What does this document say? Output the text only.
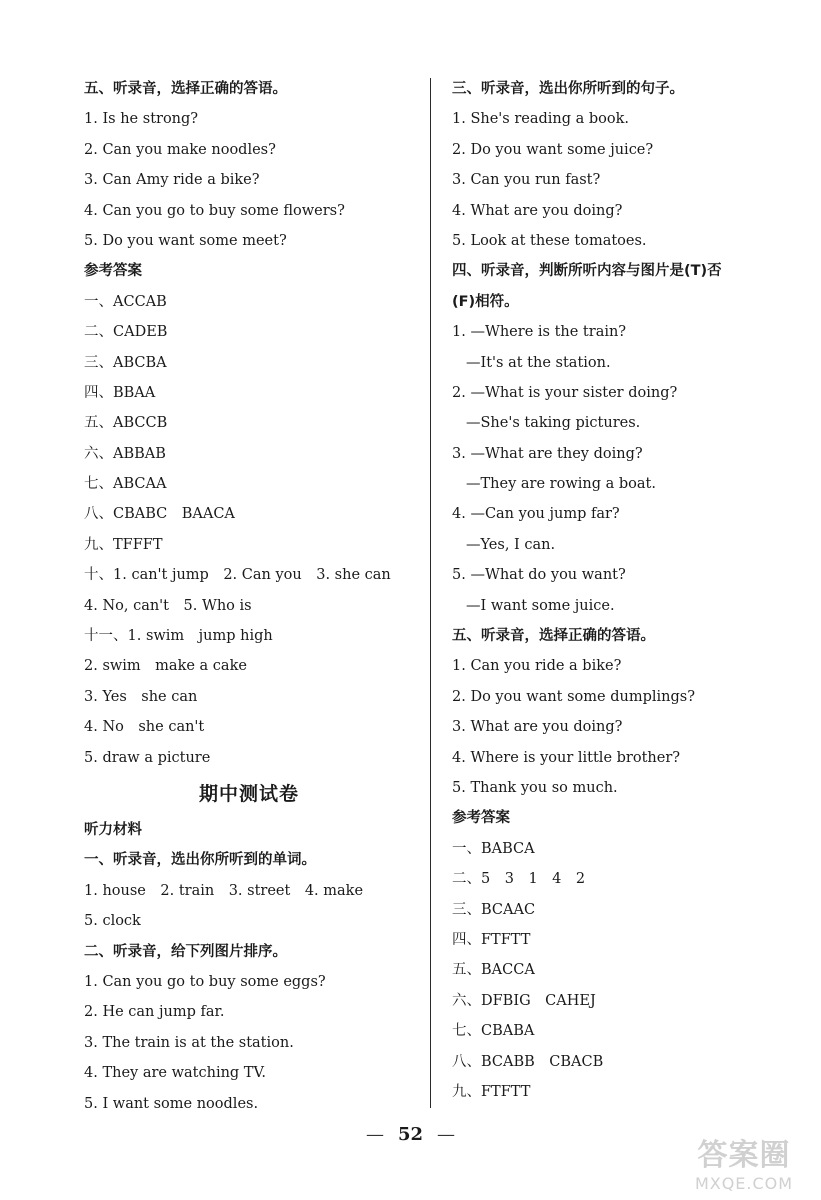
五、听录音，选择正确的答语。
1. Is he strong?
2. Can you make noodles?
3. Can Amy ride a bike?
4. Can you go to buy some flowers?
5. Do you want some meet?
参考答案
一、ACCAB
二、CADEB
三、ABCBA
四、BBAA
五、ABCCB
六、ABBAB
七、ABCAA
八、CBABC　BAACA
九、TFFFT
十、1. can't jump　2. Can you　3. she can
4. No, can't　5. Who is
十一、1. swim　jump high
2. swim　make a cake
3. Yes　she can
4. No　she can't
5. draw a picture
期中测试卷
听力材料
一、听录音，选出你所听到的单词。
1. house　2. train　3. street　4. make
5. clock
二、听录音，给下列图片排序。
1. Can you go to buy some eggs?
2. He can jump far.
3. The train is at the station.
4. They are watching TV.
5. I want some noodles.
三、听录音，选出你所听到的句子。
1. She's reading a book.
2. Do you want some juice?
3. Can you run fast?
4. What are you doing?
5. Look at these tomatoes.
四、听录音，判断所听内容与图片是(T)否
(F)相符。
1. —Where is the train?
—It's at the station.
2. —What is your sister doing?
—She's taking pictures.
3. —What are they doing?
—They are rowing a boat.
4. —Can you jump far?
—Yes, I can.
5. —What do you want?
—I want some juice.
五、听录音，选择正确的答语。
1. Can you ride a bike?
2. Do you want some dumplings?
3. What are you doing?
4. Where is your little brother?
5. Thank you so much.
参考答案
一、BABCA
二、5　3　1　4　2
三、BCAAC
四、FTFTT
五、BACCA
六、DFBIG　CAHEJ
七、CBABA
八、BCABB　CBACB
九、FTFTT
— 52 —
答案圈
MXQE.COM
